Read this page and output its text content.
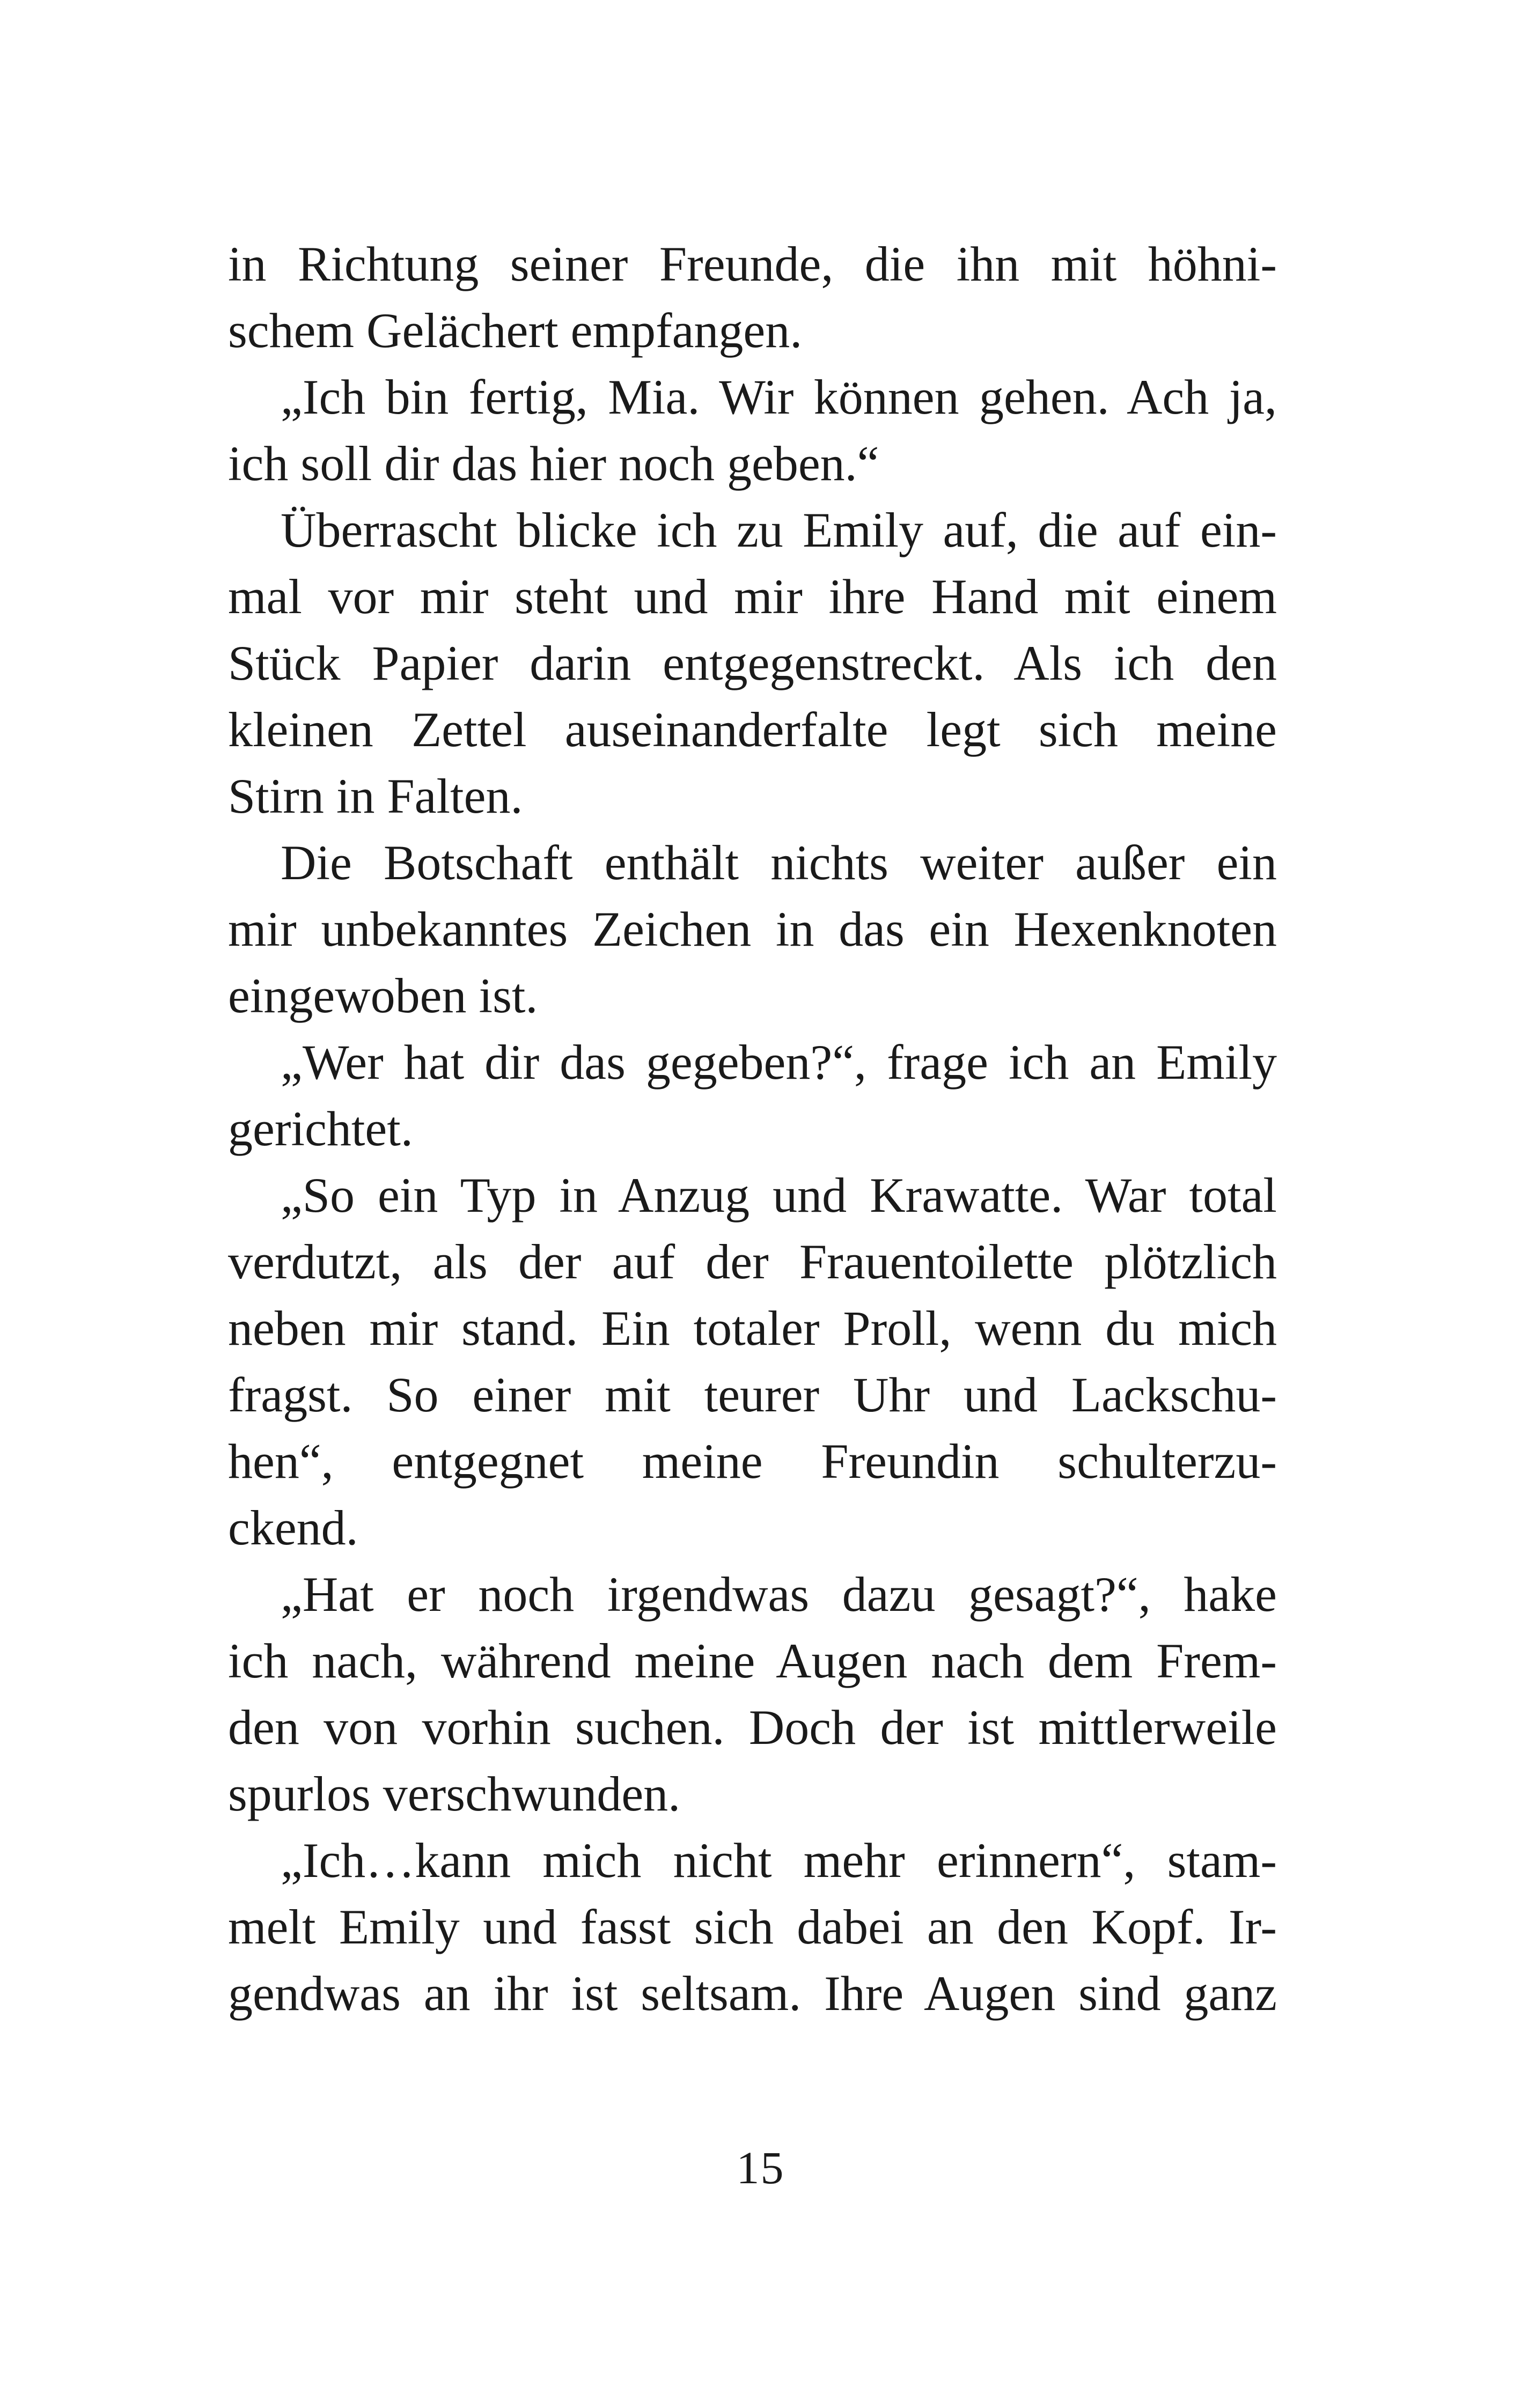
in Richtung seiner Freunde, die ihn mit höhni-
schem Gelächert empfangen.
„Ich bin fertig, Mia. Wir können gehen. Ach ja,
ich soll dir das hier noch geben.“
Überrascht blicke ich zu Emily auf, die auf ein-
mal vor mir steht und mir ihre Hand mit einem
Stück Papier darin entgegenstreckt. Als ich den
kleinen Zettel auseinanderfalte legt sich meine
Stirn in Falten.
Die Botschaft enthält nichts weiter außer ein
mir unbekanntes Zeichen in das ein Hexenknoten
eingewoben ist.
„Wer hat dir das gegeben?“, frage ich an Emily
gerichtet.
„So ein Typ in Anzug und Krawatte. War total
verdutzt, als der auf der Frauentoilette plötzlich
neben mir stand. Ein totaler Proll, wenn du mich
fragst. So einer mit teurer Uhr und Lackschu-
hen“, entgegnet meine Freundin schulterzu-
ckend.
„Hat er noch irgendwas dazu gesagt?“, hake
ich nach, während meine Augen nach dem Frem-
den von vorhin suchen. Doch der ist mittlerweile
spurlos verschwunden.
„Ich…kann mich nicht mehr erinnern“, stam-
melt Emily und fasst sich dabei an den Kopf. Ir-
gendwas an ihr ist seltsam. Ihre Augen sind ganz
15
